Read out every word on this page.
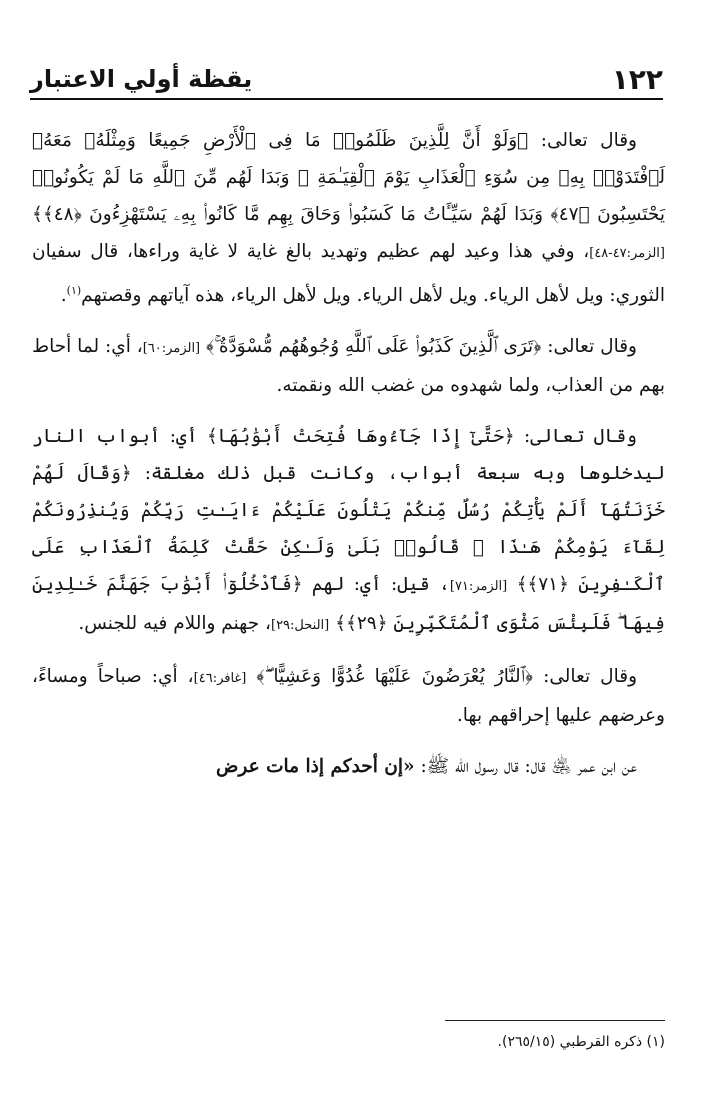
١٢٢
يقظة أولي الاعتبار

وقال تعالى: ﴿وَلَوْ أَنَّ لِلَّذِينَ ظَلَمُوا۟ مَا فِى ٱلْأَرْضِ جَمِيعًا وَمِثْلَهُۥ مَعَهُۥ لَٱفْتَدَوْا۟ بِهِۦ مِن سُوٓءِ ٱلْعَذَابِ يَوْمَ ٱلْقِيَـٰمَةِ ۚ وَبَدَا لَهُم مِّنَ ٱللَّهِ مَا لَمْ يَكُونُوا۟ يَحْتَسِبُونَ ﴿٤٧﴾ وَبَدَا لَهُمْ سَيِّـَٔاتُ مَا كَسَبُوا۟ وَحَاقَ بِهِم مَّا كَانُوا۟ بِهِۦ يَسْتَهْزِءُونَ ﴿٤٨﴾﴾ [الزمر:٤٧-٤٨]، وفي هذا وعيد لهم عظيم وتهديد بالغ غاية لا غاية وراءها، قال سفيان الثوري: ويل لأهل الرياء. ويل لأهل الرياء. ويل لأهل الرياء، هذه آياتهم وقصتهم$^{(١)}$.

وقال تعالى: ﴿تَرَى ٱلَّذِينَ كَذَبُوا۟ عَلَى ٱللَّهِ وُجُوهُهُم مُّسْوَدَّةٌ ۚ﴾ [الزمر:٦٠]، أي: لما أحاط بهم من العذاب، ولما شهدوه من غضب الله ونقمته.

وقال تعالى: ﴿حَتَّىٰٓ إِذَا جَآءُوهَا فُتِحَتْ أَبْوَٰبُهَا﴾ أي: أبواب النار ليدخلوها وبه سبعة أبواب، وكانت قبل ذلك مغلقة: ﴿وَقَالَ لَهُمْ خَزَنَتُهَآ أَلَمْ يَأْتِكُمْ رُسُلٌ مِّنكُمْ يَتْلُونَ عَلَيْكُمْ ءَايَـٰتِ رَبِّكُمْ وَيُنذِرُونَكُمْ لِقَآءَ يَوْمِكُمْ هَـٰذَا ۚ قَالُوا۟ بَلَىٰ وَلَـٰكِنْ حَقَّتْ كَلِمَةُ ٱلْعَذَابِ عَلَى ٱلْكَـٰفِرِينَ ﴿٧١﴾﴾ [الزمر:٧١]، قيل: أي: لهم ﴿فَٱدْخُلُوٓا۟ أَبْوَٰبَ جَهَنَّمَ خَـٰلِدِينَ فِيهَا ۖ فَلَبِئْسَ مَثْوَى ٱلْمُتَكَبِّرِينَ ﴿٢٩﴾﴾ [النحل:٢٩]، جهنم واللام فيه للجنس.

وقال تعالى: ﴿ٱلنَّارُ يُعْرَضُونَ عَلَيْهَا غُدُوًّا وَعَشِيًّا ۖ﴾ [غافر:٤٦]، أي: صباحاً ومساءً، وعرضهم عليها إحراقهم بها.

عن ابن عمر ﵁ قال: قال رسول الله ﷺ: «إن أحدكم إذا مات عرض

(١) ذكره القرطبي (٢٦٥/١٥).
